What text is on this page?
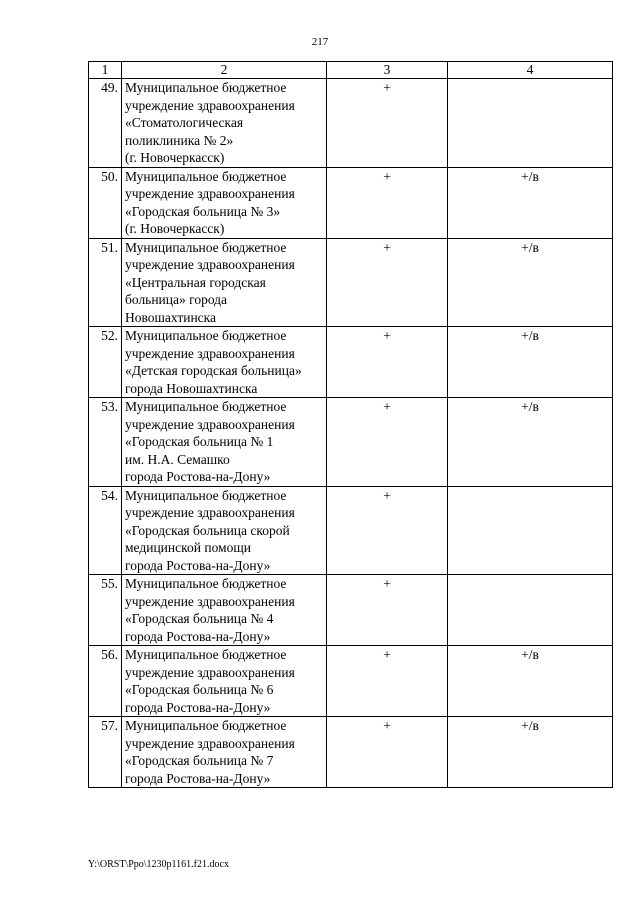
217
1	2	3	4
49.	Муниципальное бюджетное
учреждение здравоохранения
«Стоматологическая
поликлиника № 2»
(г. Новочеркасск)	+	
50.	Муниципальное бюджетное
учреждение здравоохранения
«Городская больница № 3»
(г. Новочеркасск)	+	+/в
51.	Муниципальное бюджетное
учреждение здравоохранения
«Центральная городская
больница» города
Новошахтинска	+	+/в
52.	Муниципальное бюджетное
учреждение здравоохранения
«Детская городская больница»
города Новошахтинска	+	+/в
53.	Муниципальное бюджетное
учреждение здравоохранения
«Городская больница № 1
им. Н.А. Семашко
города Ростова-на-Дону»	+	+/в
54.	Муниципальное бюджетное
учреждение здравоохранения
«Городская больница скорой
медицинской помощи
города Ростова-на-Дону»	+	
55.	Муниципальное бюджетное
учреждение здравоохранения
«Городская больница № 4
города Ростова-на-Дону»	+	
56.	Муниципальное бюджетное
учреждение здравоохранения
«Городская больница № 6
города Ростова-на-Дону»	+	+/в
57.	Муниципальное бюджетное
учреждение здравоохранения
«Городская больница № 7
города Ростова-на-Дону»	+	+/в
Y:\ORST\Ppo\1230p1161.f21.docx
